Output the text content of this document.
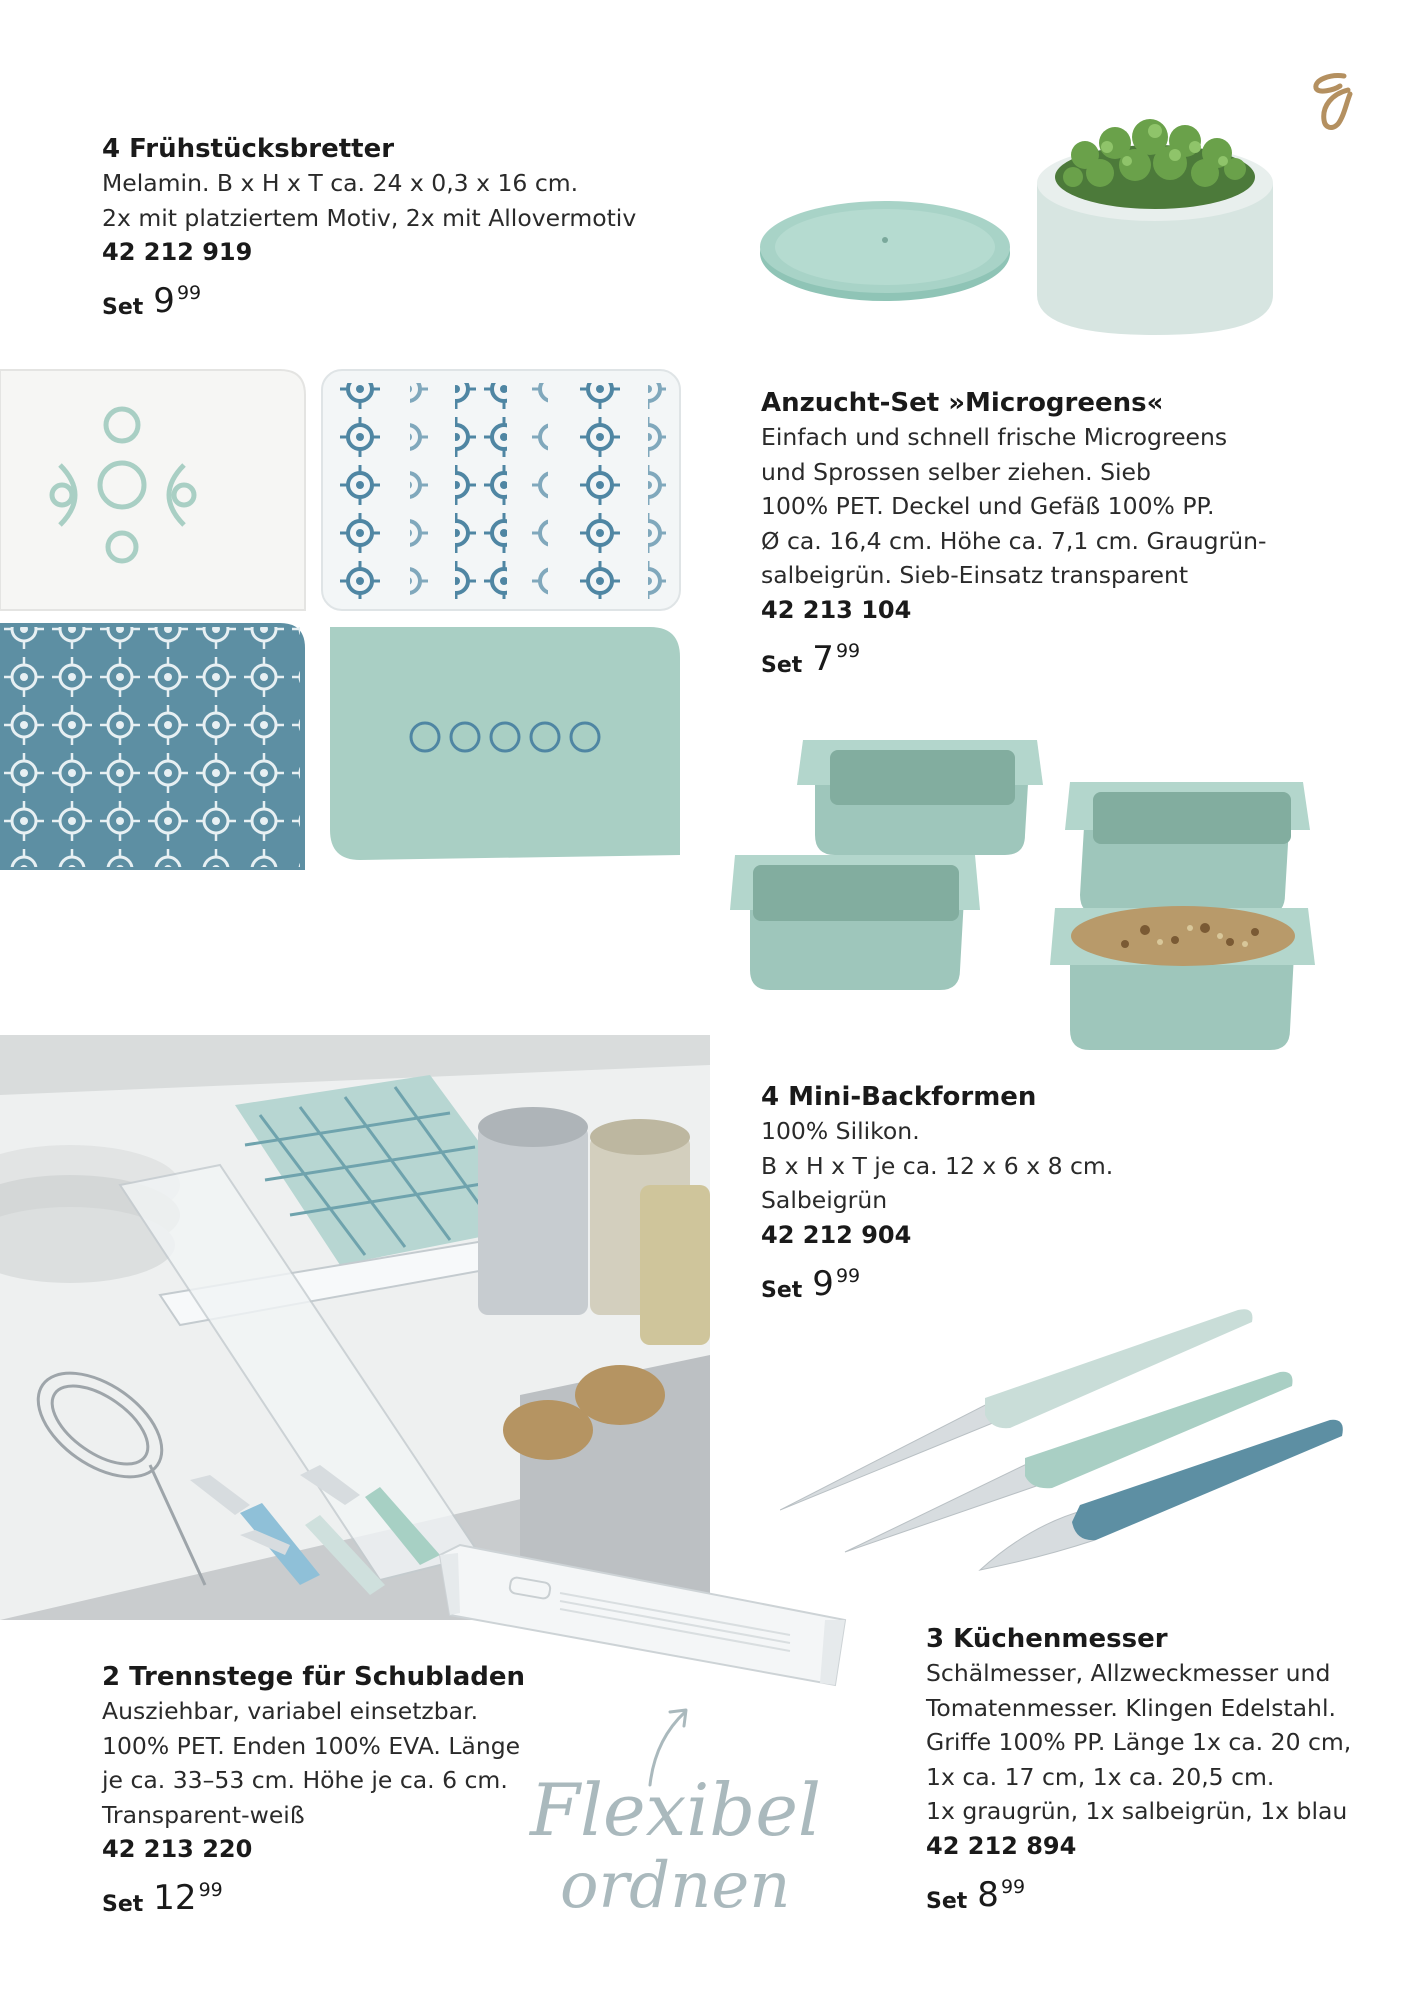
4 Frühstücksbretter

Melamin. B x H x T ca. 24 x 0,3 x 16 cm.

2x mit platziertem Motiv, 2x mit Allovermotiv

42 212 919

Set 9 99

Anzucht-Set »Microgreens«

Einfach und schnell frische Microgreens

und Sprossen selber ziehen. Sieb

100% PET. Deckel und Gefäß 100% PP.

Ø ca. 16,4 cm. Höhe ca. 7,1 cm. Graugrün-

salbeigrün. Sieb-Einsatz transparent

42 213 104

Set 7 99

4 Mini-Backformen

100% Silikon.

B x H x T je ca. 12 x 6 x 8 cm.

Salbeigrün

42 212 904

Set 9 99

2 Trennstege für Schubladen

Ausziehbar, variabel einsetzbar.

100% PET. Enden 100% EVA. Länge

je ca. 33–53 cm. Höhe je ca. 6 cm.

Transparent-weiß

42 213 220

Set 12 99
Flexibel
ordnen

3 Küchenmesser

Schälmesser, Allzweckmesser und

Tomatenmesser. Klingen Edelstahl.

Griffe 100% PP. Länge 1x ca. 20 cm,

1x ca. 17 cm, 1x ca. 20,5 cm.

1x graugrün, 1x salbeigrün, 1x blau

42 212 894

Set 8 99
